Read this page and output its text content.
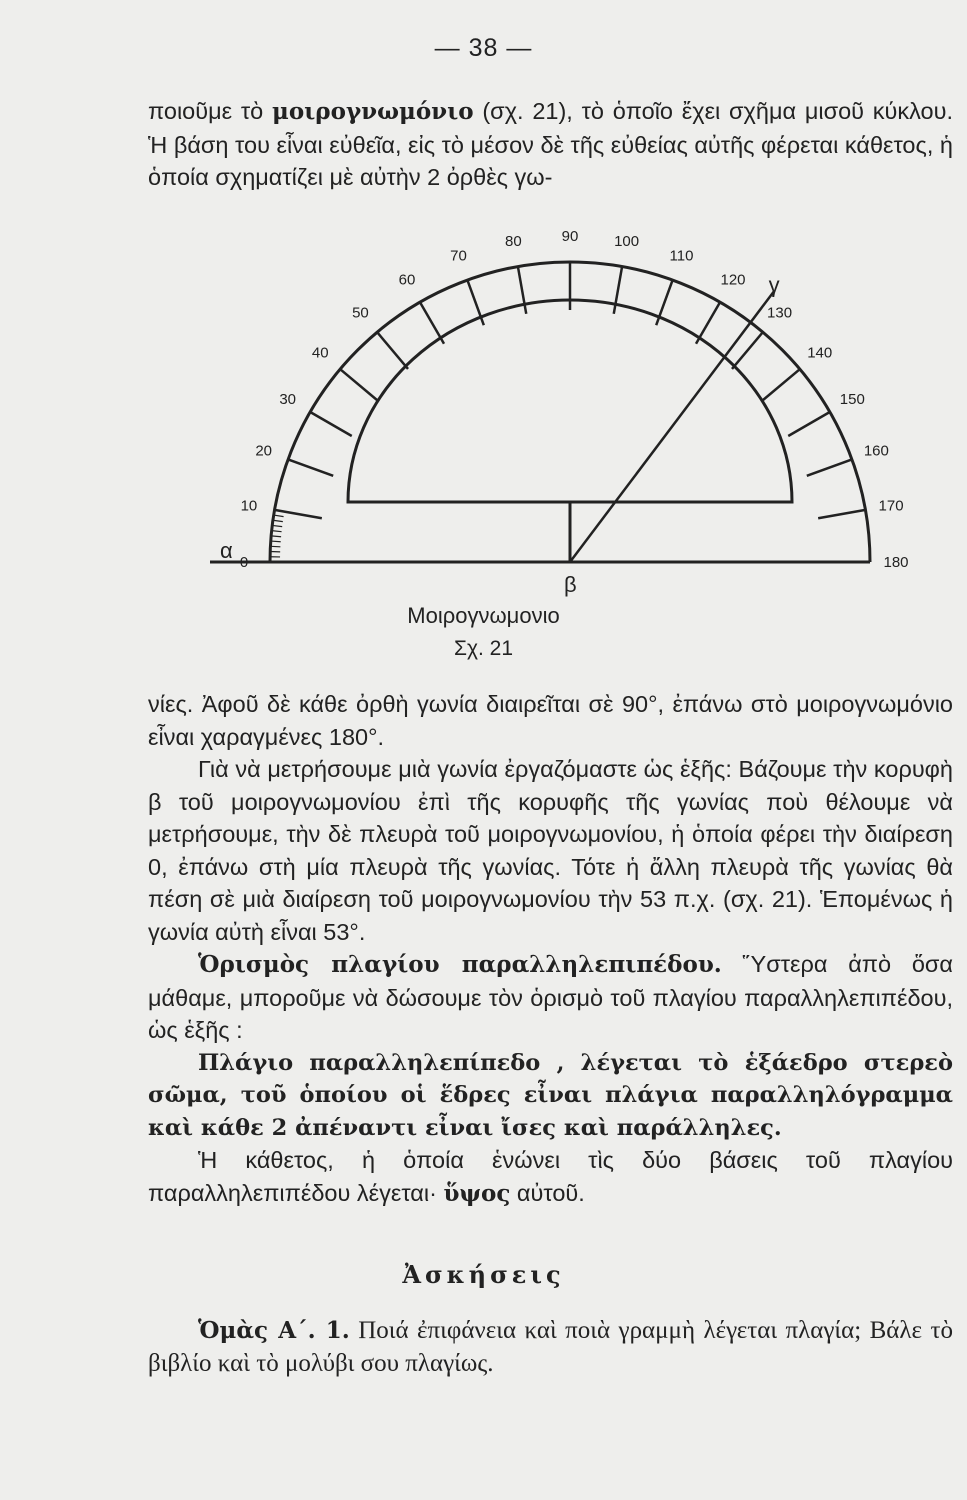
— 38 —

ποιοῦμε τὸ μοιρογνωμόνιο (σχ. 21), τὸ ὁποῖο ἔχει σχῆμα μισοῦ κύκλου. Ἡ βάση του εἶναι εὐθεῖα, εἰς τὸ μέσον δὲ τῆς εὐθείας αὐτῆς φέρεται κάθετος, ἡ ὁποία σχηματίζει μὲ αὐτὴν 2 ὀρθὲς γω-

0
10
20
30
40
50
60
70
80	90 100
110
120
130
140
150
160
170
180
α
β
γ
Μοιρογνωμονιο
Σχ. 21

νίες. Ἀφοῦ δὲ κάθε ὀρθὴ γωνία διαιρεῖται σὲ 90°, ἐπάνω στὸ μοιρογνωμόνιο εἶναι χαραγμένες 180°.

Γιὰ νὰ μετρήσουμε μιὰ γωνία ἐργαζόμαστε ὡς ἑξῆς: Βάζουμε τὴν κορυφὴ β τοῦ μοιρογνωμονίου ἐπὶ τῆς κορυφῆς τῆς γωνίας ποὺ θέλουμε νὰ μετρήσουμε, τὴν δὲ πλευρὰ τοῦ μοιρογνωμονίου, ἡ ὁποία φέρει τὴν διαίρεση 0, ἐπάνω στὴ μία πλευρὰ τῆς γωνίας. Τότε ἡ ἄλλη πλευρὰ τῆς γωνίας θὰ πέση σὲ μιὰ διαίρεση τοῦ μοιρογνωμονίου τὴν 53 π.χ. (σχ. 21). Ἑπομένως ἡ γωνία αὐτὴ εἶναι 53°.

Ὁρισμὸς πλαγίου παραλληλεπιπέδου. Ὕστερα ἀπὸ ὅσα μάθαμε, μποροῦμε νὰ δώσουμε τὸν ὁρισμὸ τοῦ πλαγίου παραλληλεπιπέδου, ὡς ἑξῆς :

Πλάγιο παραλληλεπίπεδο , λέγεται τὸ ἑξάεδρο στερεὸ σῶμα, τοῦ ὁποίου οἱ ἕδρες εἶναι πλάγια παραλληλόγραμμα καὶ κάθε 2 ἀπέναντι εἶναι ἴσες καὶ παράλληλες.

Ἡ κάθετος, ἡ ὁποία ἑνώνει τὶς δύο βάσεις τοῦ πλαγίου παραλληλεπιπέδου λέγεται· ὕψος αὐτοῦ.

Ἀσκήσεις

Ὁμὰς Α΄. 1. Ποιά ἐπιφάνεια καὶ ποιὰ γραμμὴ λέγεται πλαγία; Βάλε τὸ βιβλίο καὶ τὸ μολύβι σου πλαγίως.
